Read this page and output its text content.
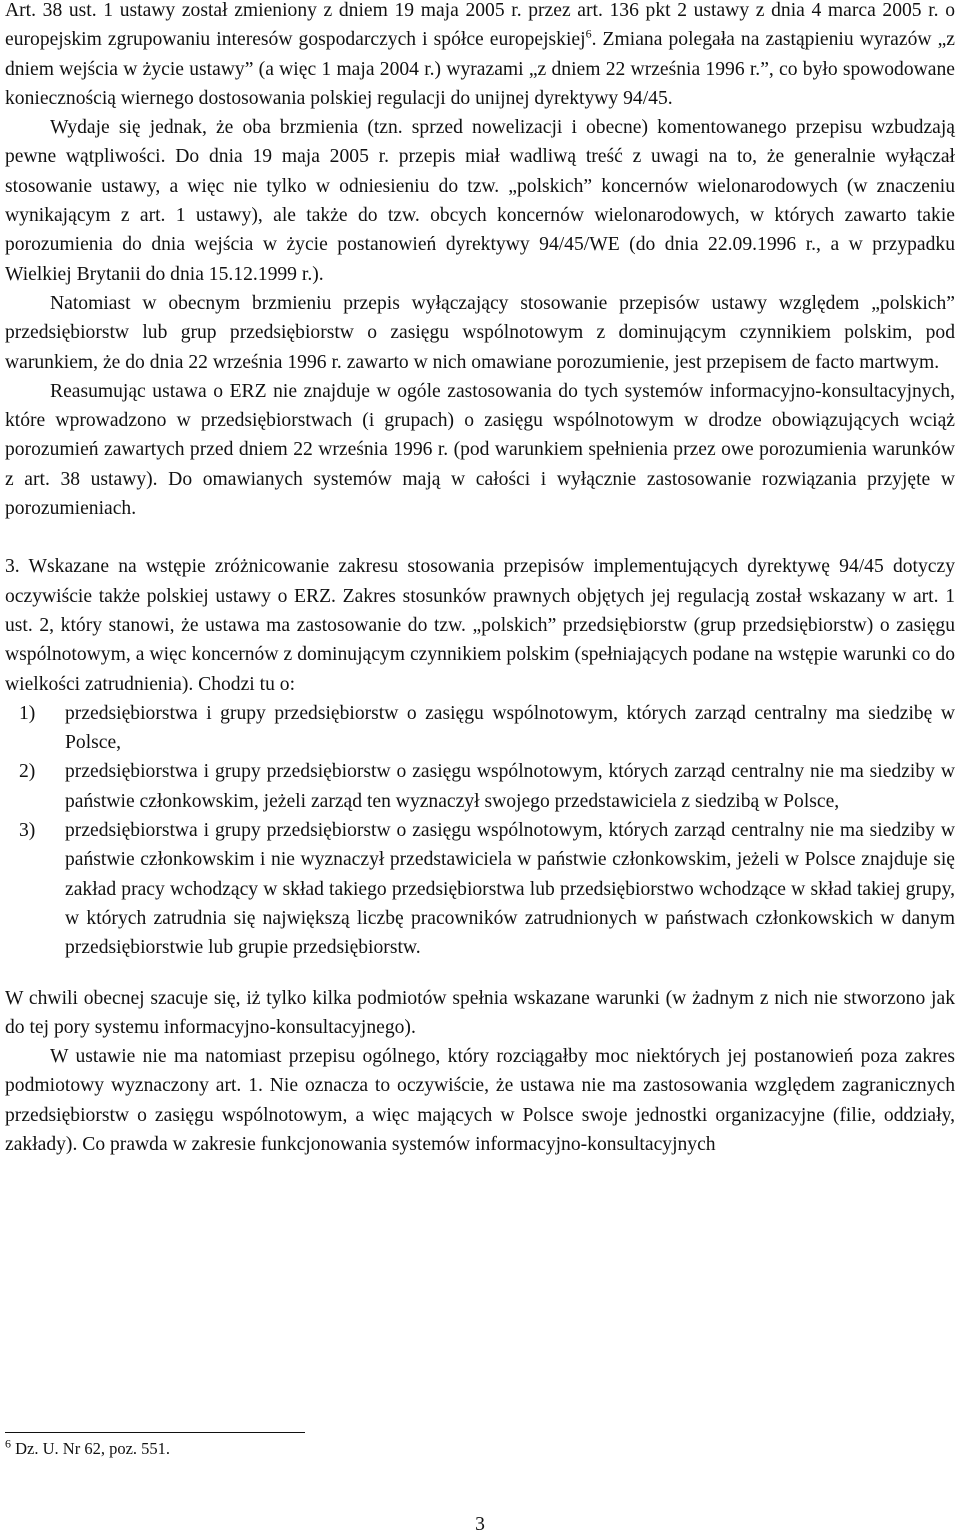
Art. 38 ust. 1 ustawy został zmieniony z dniem 19 maja 2005 r. przez art. 136 pkt 2 ustawy z dnia 4 marca 2005 r. o europejskim zgrupowaniu interesów gospodarczych i spółce europejskiej$^6$. Zmiana polegała na zastąpieniu wyrazów „z dniem wejścia w życie ustawy” (a więc 1 maja 2004 r.) wyrazami „z dniem 22 września 1996 r.”, co było spowodowane koniecznością wiernego dostosowania polskiej regulacji do unijnej dyrektywy 94/45.

Wydaje się jednak, że oba brzmienia (tzn. sprzed nowelizacji i obecne) komentowanego przepisu wzbudzają pewne wątpliwości. Do dnia 19 maja 2005 r. przepis miał wadliwą treść z uwagi na to, że generalnie wyłączał stosowanie ustawy, a więc nie tylko w odniesieniu do tzw. „polskich” koncernów wielonarodowych (w znaczeniu wynikającym z art. 1 ustawy), ale także do tzw. obcych koncernów wielonarodowych, w których zawarto takie porozumienia do dnia wejścia w życie postanowień dyrektywy 94/45/WE (do dnia 22.09.1996 r., a w przypadku Wielkiej Brytanii do dnia 15.12.1999 r.).

Natomiast w obecnym brzmieniu przepis wyłączający stosowanie przepisów ustawy względem „polskich” przedsiębiorstw lub grup przedsiębiorstw o zasięgu wspólnotowym z dominującym czynnikiem polskim, pod warunkiem, że do dnia 22 września 1996 r. zawarto w nich omawiane porozumienie, jest przepisem de facto martwym.

Reasumując ustawa o ERZ nie znajduje w ogóle zastosowania do tych systemów informacyjno-konsultacyjnych, które wprowadzono w przedsiębiorstwach (i grupach) o zasięgu wspólnotowym w drodze obowiązujących wciąż porozumień zawartych przed dniem 22 września 1996 r. (pod warunkiem spełnienia przez owe porozumienia warunków z art. 38 ustawy). Do omawianych systemów mają w całości i wyłącznie zastosowanie rozwiązania przyjęte w porozumieniach.

3. Wskazane na wstępie zróżnicowanie zakresu stosowania przepisów implementujących dyrektywę 94/45 dotyczy oczywiście także polskiej ustawy o ERZ. Zakres stosunków prawnych objętych jej regulacją został wskazany w art. 1 ust. 2, który stanowi, że ustawa ma zastosowanie do tzw. „polskich” przedsiębiorstw (grup przedsiębiorstw) o zasięgu wspólnotowym, a więc koncernów z dominującym czynnikiem polskim (spełniających podane na wstępie warunki co do wielkości zatrudnienia). Chodzi tu o:

1)	przedsiębiorstwa i grupy przedsiębiorstw o zasięgu wspólnotowym, których zarząd centralny ma siedzibę w Polsce,
2)	przedsiębiorstwa i grupy przedsiębiorstw o zasięgu wspólnotowym, których zarząd centralny nie ma siedziby w państwie członkowskim, jeżeli zarząd ten wyznaczył swojego przedstawiciela z siedzibą w Polsce,
3)	przedsiębiorstwa i grupy przedsiębiorstw o zasięgu wspólnotowym, których zarząd centralny nie ma siedziby w państwie członkowskim i nie wyznaczył przedstawiciela w państwie członkowskim, jeżeli w Polsce znajduje się zakład pracy wchodzący w skład takiego przedsiębiorstwa lub przedsiębiorstwo wchodzące w skład takiej grupy, w których zatrudnia się największą liczbę pracowników zatrudnionych w państwach członkowskich w danym przedsiębiorstwie lub grupie przedsiębiorstw.

W chwili obecnej szacuje się, iż tylko kilka podmiotów spełnia wskazane warunki (w żadnym z nich nie stworzono jak do tej pory systemu informacyjno-konsultacyjnego).

W ustawie nie ma natomiast przepisu ogólnego, który rozciągałby moc niektórych jej postanowień poza zakres podmiotowy wyznaczony art. 1. Nie oznacza to oczywiście, że ustawa nie ma zastosowania względem zagranicznych przedsiębiorstw o zasięgu wspólnotowym, a więc mających w Polsce swoje jednostki organizacyjne (filie, oddziały, zakłady). Co prawda w zakresie funkcjonowania systemów informacyjno-konsultacyjnych

$^6$ Dz. U. Nr 62, poz. 551.
3
